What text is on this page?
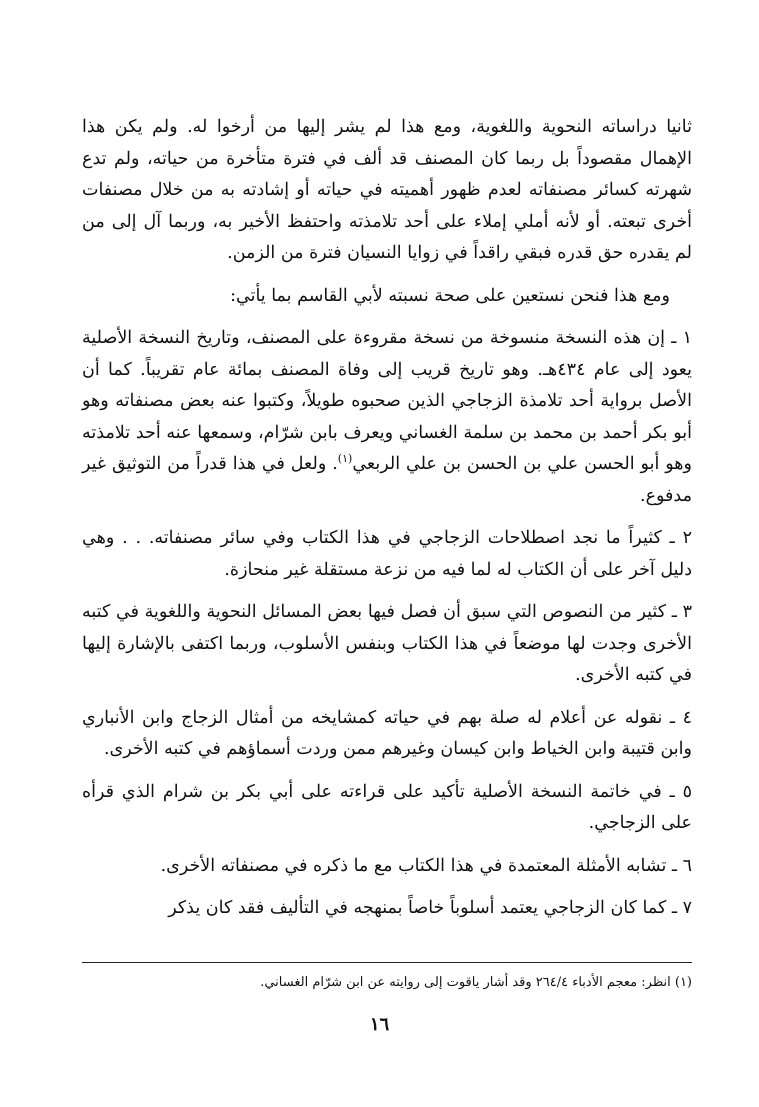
ثانيا دراساته النحوية واللغوية، ومع هذا لم يشر إليها من أرخوا له. ولم يكن هذا الإهمال مقصوداً بل ربما كان المصنف قد ألف في فترة متأخرة من حياته، ولم تدع شهرته كسائر مصنفاته لعدم ظهور أهميته في حياته أو إشادته به من خلال مصنفات أخرى تبعته. أو لأنه أملي إملاء على أحد تلامذته واحتفظ الأخير به، وربما آل إلى من لم يقدره حق قدره فبقي راقداً في زوايا النسيان فترة من الزمن.

ومع هذا فنحن نستعين على صحة نسبته لأبي القاسم بما يأتي:

١ ـ إن هذه النسخة منسوخة من نسخة مقروءة على المصنف، وتاريخ النسخة الأصلية يعود إلى عام ٤٣٤هـ. وهو تاريخ قريب إلى وفاة المصنف بمائة عام تقريباً. كما أن الأصل برواية أحد تلامذة الزجاجي الذين صحبوه طويلاً، وكتبوا عنه بعض مصنفاته وهو أبو بكر أحمد بن محمد بن سلمة الغساني ويعرف بابن شرّام، وسمعها عنه أحد تلامذته وهو أبو الحسن علي بن الحسن بن علي الربعي$^{(١)}$. ولعل في هذا قدراً من التوثيق غير مدفوع.

٢ ـ كثيراً ما نجد اصطلاحات الزجاجي في هذا الكتاب وفي سائر مصنفاته. . . وهي دليل آخر على أن الكتاب له لما فيه من نزعة مستقلة غير منحازة.

٣ ـ كثير من النصوص التي سبق أن فصل فيها بعض المسائل النحوية واللغوية في كتبه الأخرى وجدت لها موضعاً في هذا الكتاب وبنفس الأسلوب، وربما اكتفى بالإشارة إليها في كتبه الأخرى.

٤ ـ نقوله عن أعلام له صلة بهم في حياته كمشايخه من أمثال الزجاج وابن الأنباري وابن قتيبة وابن الخياط وابن كيسان وغيرهم ممن وردت أسماؤهم في كتبه الأخرى.

٥ ـ في خاتمة النسخة الأصلية تأكيد على قراءته على أبي بكر بن شرام الذي قرأه على الزجاجي.

٦ ـ تشابه الأمثلة المعتمدة في هذا الكتاب مع ما ذكره في مصنفاته الأخرى.

٧ ـ كما كان الزجاجي يعتمد أسلوباً خاصاً بمنهجه في التأليف فقد كان يذكر

(١) انظر: معجم الأدباء ٢٦٤/٤ وقد أشار ياقوت إلى روايته عن ابن شرّام الغساني.
١٦
